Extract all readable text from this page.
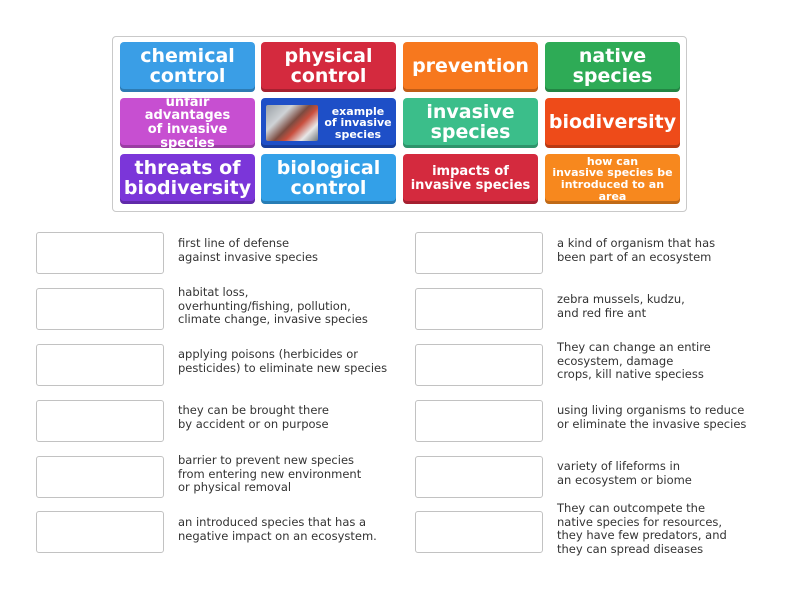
chemical
control
physical
control	prevention	native
species
unfair advantages
of invasive species
example
of invasive
species
invasive
species biodiversity
threats of
biodiversity
biological
control
impacts of
invasive species
how can
invasive species be
introduced to an area
first line of defense
against invasive species
habitat loss,
overhunting/fishing, pollution,
climate change, invasive species
applying poisons (herbicides or
pesticides) to eliminate new species
they can be brought there
by accident or on purpose
barrier to prevent new species
from entering new environment
or physical removal
an introduced species that has a
negative impact on an ecosystem.
a kind of organism that has
been part of an ecosystem
zebra mussels, kudzu,
and red fire ant
They can change an entire
ecosystem, damage
crops, kill native speciess
using living organisms to reduce
or eliminate the invasive species
variety of lifeforms in
an ecosystem or biome
They can outcompete the
native species for resources,
they have few predators, and
they can spread diseases
